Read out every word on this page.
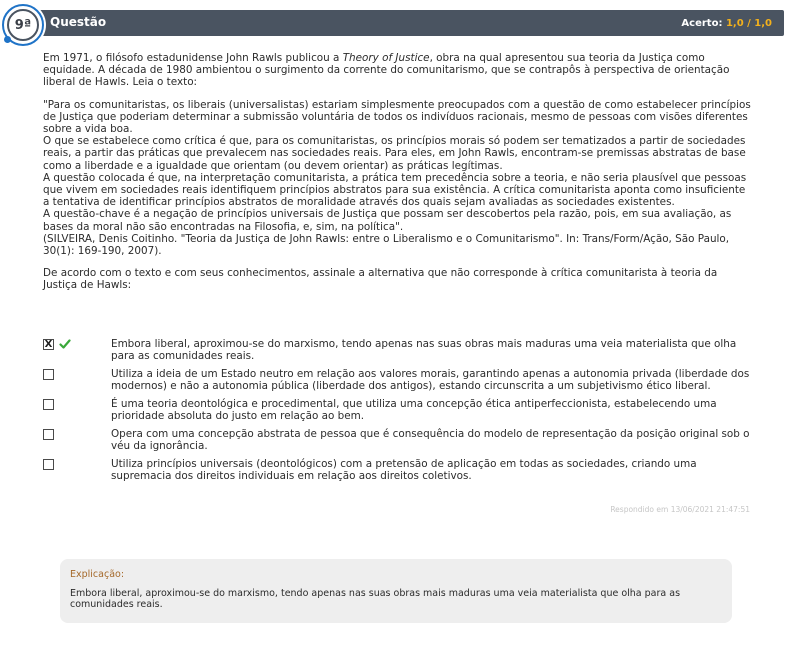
Questão	Acerto: 1,0 / 1,0
9ª

Em 1971, o filósofo estadunidense John Rawls publicou a Theory of Justice, obra na qual apresentou sua teoria da Justiça como equidade. A década de 1980 ambientou o surgimento da corrente do comunitarismo, que se contrapôs à perspectiva de orientação liberal de Hawls. Leia o texto:

"Para os comunitaristas, os liberais (universalistas) estariam simplesmente preocupados com a questão de como estabelecer princípios de Justiça que poderiam determinar a submissão voluntária de todos os indivíduos racionais, mesmo de pessoas com visões diferentes sobre a vida boa.

O que se estabelece como crítica é que, para os comunitaristas, os princípios morais só podem ser tematizados a partir de sociedades reais, a partir das práticas que prevalecem nas sociedades reais. Para eles, em John Rawls, encontram-se premissas abstratas de base como a liberdade e a igualdade que orientam (ou devem orientar) as práticas legítimas.

A questão colocada é que, na interpretação comunitarista, a prática tem precedência sobre a teoria, e não seria plausível que pessoas que vivem em sociedades reais identifiquem princípios abstratos para sua existência. A crítica comunitarista aponta como insuficiente a tentativa de identificar princípios abstratos de moralidade através dos quais sejam avaliadas as sociedades existentes.

A questão-chave é a negação de princípios universais de Justiça que possam ser descobertos pela razão, pois, em sua avaliação, as bases da moral não são encontradas na Filosofia, e, sim, na política".

(SILVEIRA, Denis Coitinho. "Teoria da Justiça de John Rawls: entre o Liberalismo e o Comunitarismo". In: Trans/Form/Ação, São Paulo, 30(1): 169-190, 2007).

De acordo com o texto e com seus conhecimentos, assinale a alternativa que não corresponde à crítica comunitarista à teoria da Justiça de Hawls:

X	Embora liberal, aproximou-se do marxismo, tendo apenas nas suas obras mais maduras uma veia materialista que olha para as comunidades reais.
Utiliza a ideia de um Estado neutro em relação aos valores morais, garantindo apenas a autonomia privada (liberdade dos modernos) e não a autonomia pública (liberdade dos antigos), estando circunscrita a um subjetivismo ético liberal.
É uma teoria deontológica e procedimental, que utiliza uma concepção ética antiperfeccionista, estabelecendo uma prioridade absoluta do justo em relação ao bem.
Opera com uma concepção abstrata de pessoa que é consequência do modelo de representação da posição original sob o véu da ignorância.
Utiliza princípios universais (deontológicos) com a pretensão de aplicação em todas as sociedades, criando uma supremacia dos direitos individuais em relação aos direitos coletivos.
Respondido em 13/06/2021 21:47:51
Explicação:
Embora liberal, aproximou-se do marxismo, tendo apenas nas suas obras mais maduras uma veia materialista que olha para as comunidades reais.
